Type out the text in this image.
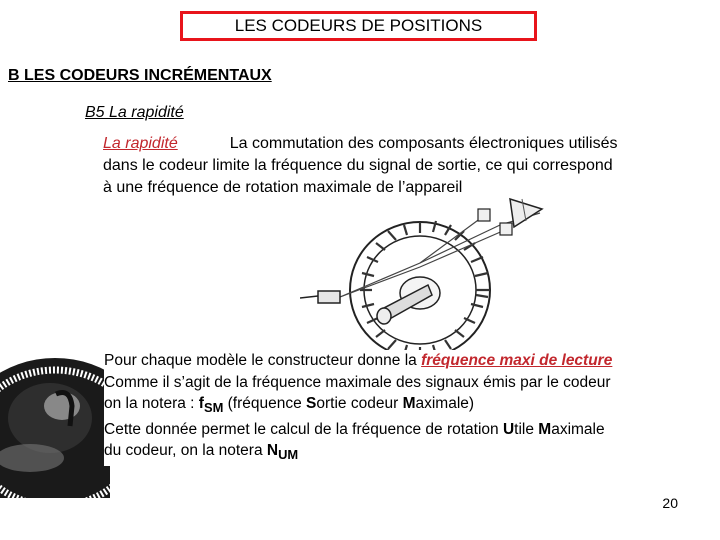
LES CODEURS DE POSITIONS
B LES CODEURS INCRÉMENTAUX
B5 La rapidité
La rapidité	La commutation des composants électroniques utilisés dans le codeur limite la fréquence du signal de sortie, ce qui correspond à une fréquence de rotation maximale de l’appareil
Pour chaque modèle le constructeur donne la fréquence maxi de lecture
Comme il s’agit de la fréquence maximale des signaux émis par le codeur on la notera : $f_{SM}$ (fréquence Sortie codeur Maximale)
Cette donnée permet le calcul de la fréquence de rotation Utile Maximale du codeur, on la notera $N_{UM}$
20
